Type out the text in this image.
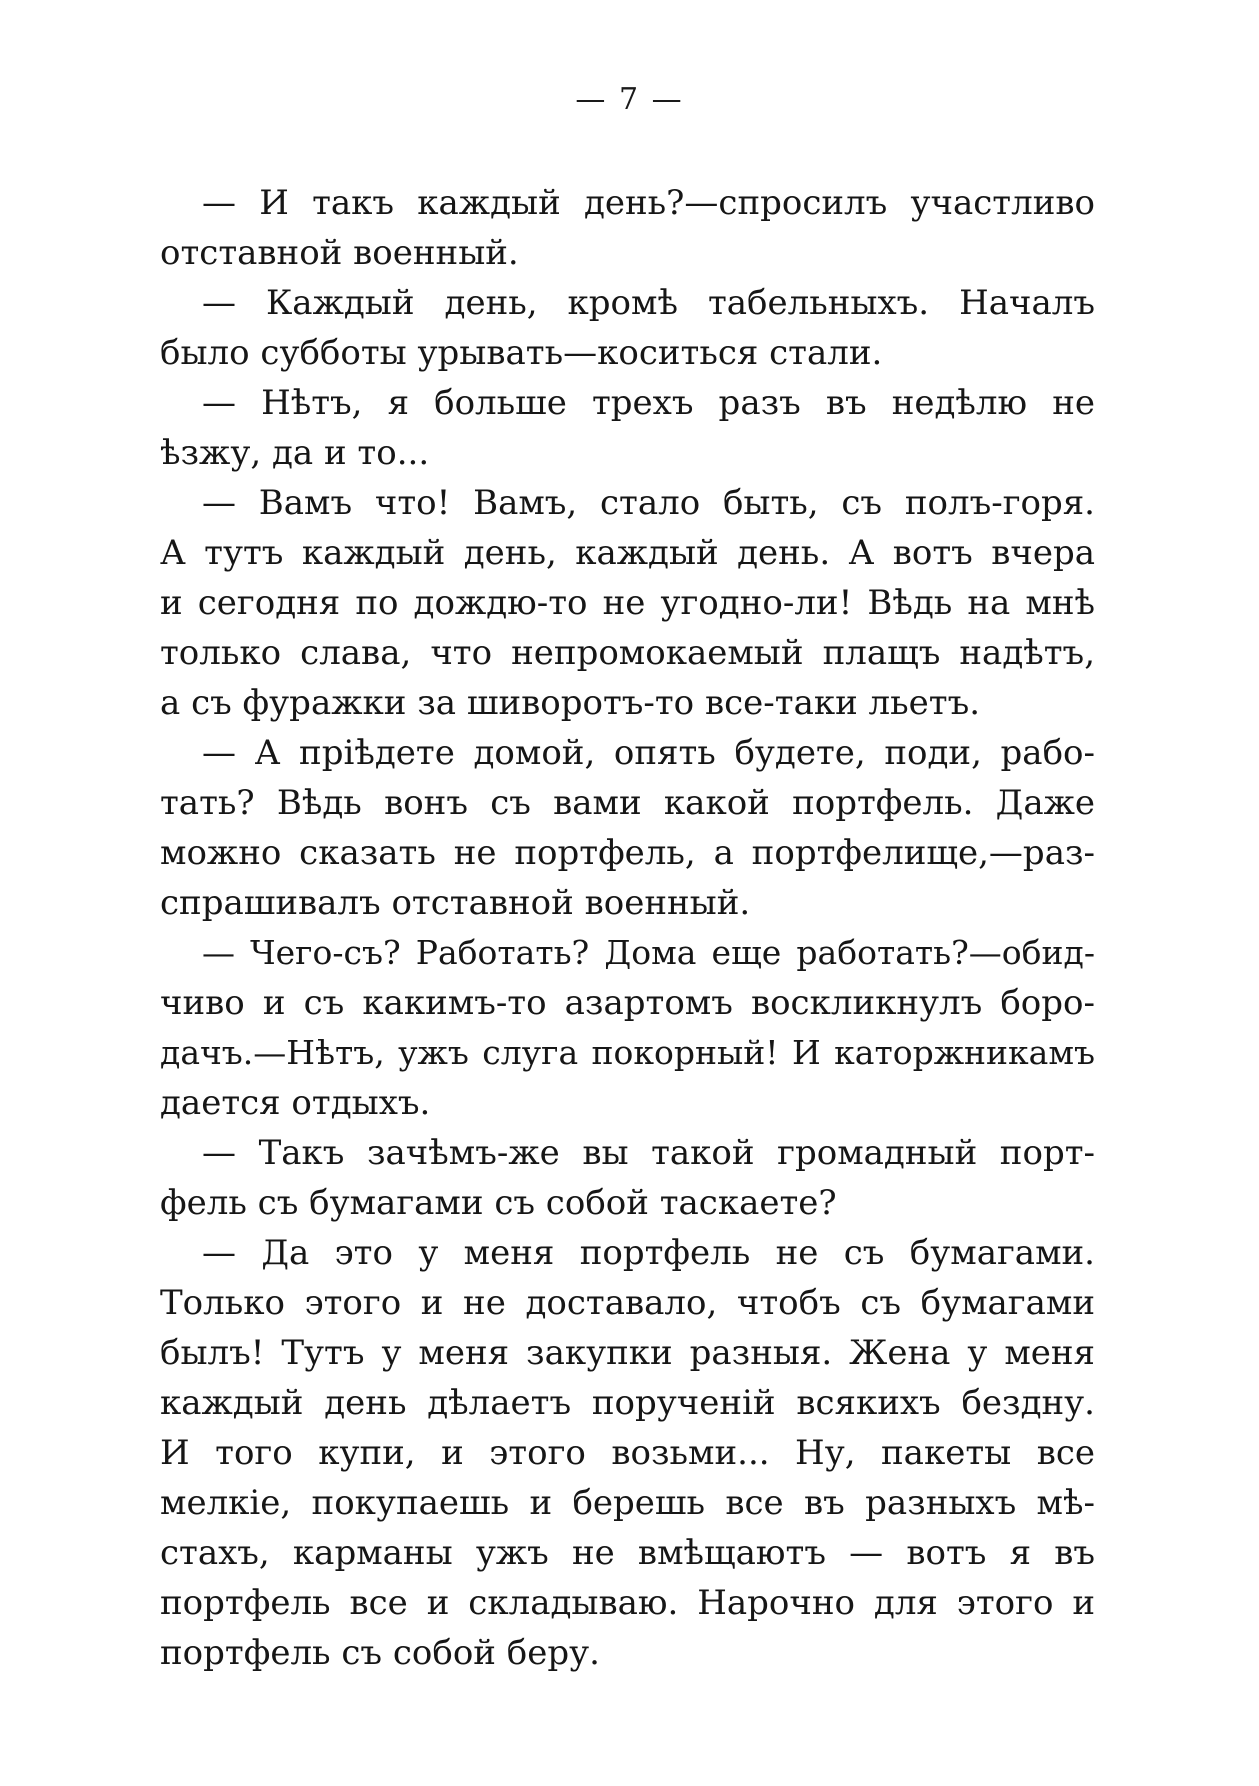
— 7 —
— И такъ каждый день?—спросилъ участливо
отставной военный.
— Каждый день, кромѣ табельныхъ. Началъ
было субботы урывать—коситься стали.
— Нѣтъ, я больше трехъ разъ въ недѣлю не
ѣзжу, да и то...
— Вамъ что! Вамъ, стало быть, съ полъ-горя.
А тутъ каждый день, каждый день. А вотъ вчера
и сегодня по дождю-то не угодно-ли! Вѣдь на мнѣ
только слава, что непромокаемый плащъ надѣтъ,
а съ фуражки за шиворотъ-то все-таки льетъ.
— А пріѣдете домой, опять будете, поди, рабо-
тать? Вѣдь вонъ съ вами какой портфель. Даже
можно сказать не портфель, а портфелище,—раз-
спрашивалъ отставной военный.
— Чего-съ? Работать? Дома еще работать?—обид-
чиво и съ какимъ-то азартомъ воскликнулъ боро-
дачъ.—Нѣтъ, ужъ слуга покорный! И каторжникамъ
дается отдыхъ.
— Такъ зачѣмъ-же вы такой громадный порт-
фель съ бумагами съ собой таскаете?
— Да это у меня портфель не съ бумагами.
Только этого и не доставало, чтобъ съ бумагами
былъ! Тутъ у меня закупки разныя. Жена у меня
каждый день дѣлаетъ порученій всякихъ бездну.
И того купи, и этого возьми... Ну, пакеты все
мелкіе, покупаешь и берешь все въ разныхъ мѣ-
стахъ, карманы ужъ не вмѣщаютъ — вотъ я въ
портфель все и складываю. Нарочно для этого и
портфель съ собой беру.
